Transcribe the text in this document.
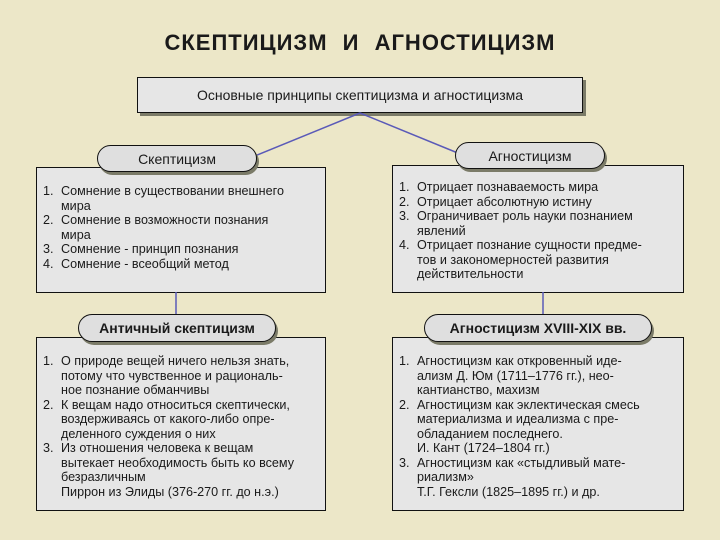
СКЕПТИЦИЗМ И АГНОСТИЦИЗМ
Основные принципы скептицизма и агностицизма
Скептицизм
1. Сомнение в существовании внешнего
мира
2. Сомнение в возможности познания
мира
3. Сомнение - принцип познания
4. Сомнение - всеобщий метод
Агностицизм
1. Отрицает познаваемость мира
2. Отрицает абсолютную истину
3. Ограничивает роль науки познанием
явлений
4. Отрицает познание сущности предме-
тов и закономерностей развития
действительности
Античный скептицизм
1. О природе вещей ничего нельзя знать,
потому что чувственное и рациональ-
ное познание обманчивы
2. К вещам надо относиться скептически,
воздерживаясь от какого-либо опре-
деленного суждения о них
3. Из отношения человека к вещам
вытекает необходимость быть ко всему
безразличным
Пиррон из Элиды (376-270 гг. до н.э.)
Агностицизм XVIII-XIX вв.
1. Агностицизм как откровенный иде-
ализм Д. Юм (1711–1776 гг.), нео-
кантианство, махизм
2. Агностицизм как эклектическая смесь
материализма и идеализма с пре-
обладанием последнего.
И. Кант (1724–1804 гг.)
3. Агностицизм как «стыдливый мате-
риализм»
Т.Г. Гексли (1825–1895 гг.) и др.
